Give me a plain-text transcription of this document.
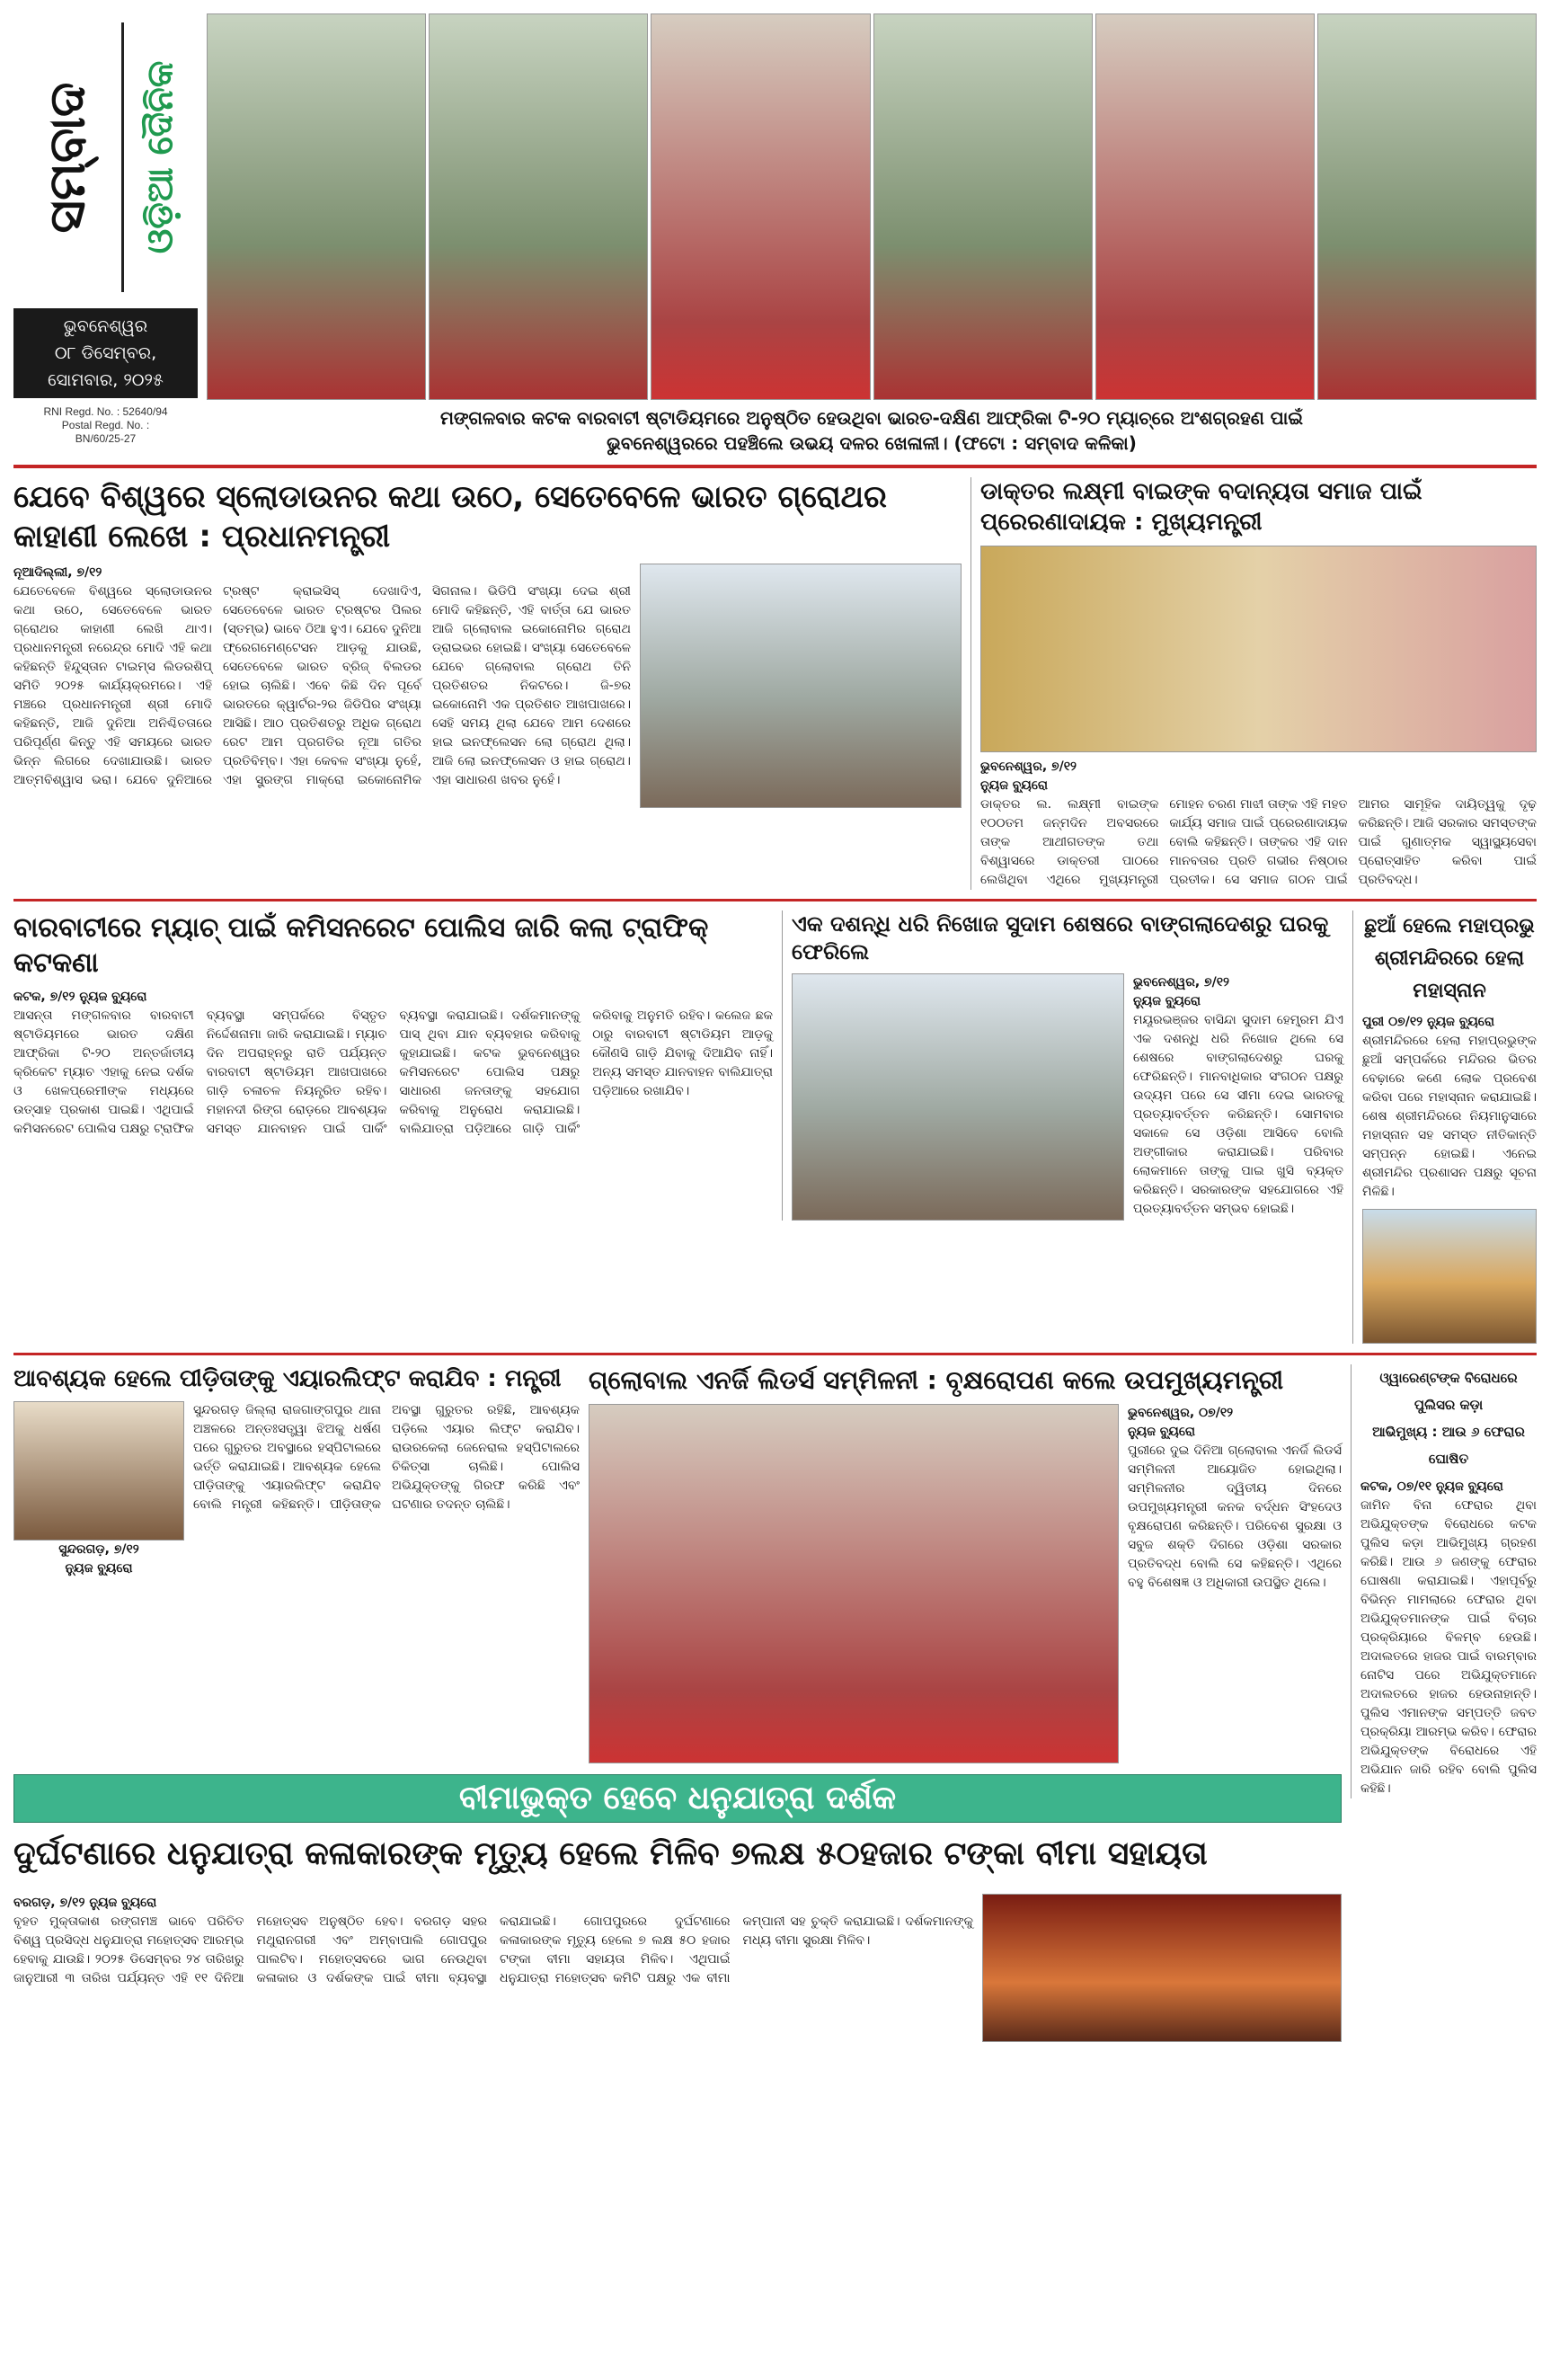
ସମ୍ବାଦ ଓଡ଼ିଆ ଦୈନିକ
ଭୁବନେଶ୍ୱର
୦୮ ଡିସେମ୍ବର,
ସୋମବାର, ୨୦୨୫
RNI Regd. No. : 52640/94
Postal Regd. No. :
BN/60/25-27
ମଙ୍ଗଳବାର କଟକ ବାରବାଟୀ ଷ୍ଟାଡିୟମରେ ଅନୁଷ୍ଠିତ ହେଉଥିବା ଭାରତ-ଦକ୍ଷିଣ ଆଫ୍ରିକା ଟି-୨୦ ମ୍ୟାଚ୍‌ରେ ଅଂଶଗ୍ରହଣ ପାଇଁ
ଭୁବନେଶ୍ୱରରେ ପହଞ୍ଚିଲେ ଉଭୟ ଦଳର ଖେଳାଳୀ। (ଫଟୋ : ସମ୍ବାଦ କଳିକା)
ଯେବେ ବିଶ୍ୱରେ ସ୍ଲୋଡାଉନର କଥା ଉଠେ, ସେତେବେଳେ ଭାରତ ଗ୍ରୋଥର କାହାଣୀ ଲେଖେ : ପ୍ରଧାନମନ୍ତ୍ରୀ
ନୂଆଦିଲ୍ଲୀ, ୭/୧୨
ଯେତେବେଳେ ବିଶ୍ୱରେ ସ୍ଲୋଡାଉନର କଥା ଉଠେ, ସେତେବେଳେ ଭାରତ ଗ୍ରୋଥର କାହାଣୀ ଲେଖି ଥାଏ। ପ୍ରଧାନମନ୍ତ୍ରୀ ନରେନ୍ଦ୍ର ମୋଦି ଏହି କଥା କହିଛନ୍ତି ହିନ୍ଦୁସ୍ତାନ ଟାଇମ୍ସ ଲିଡରଶିପ୍ ସମିତି ୨୦୨୫ କାର୍ଯ୍ୟକ୍ରମରେ। ଏହି ମଞ୍ଚରେ ପ୍ରଧାନମନ୍ତ୍ରୀ ଶ୍ରୀ ମୋଦି କହିଛନ୍ତି, ଆଜି ଦୁନିଆ ଅନିଶ୍ଚିତତାରେ ପରିପୂର୍ଣ୍ଣ କିନ୍ତୁ ଏହି ସମୟରେ ଭାରତ ଭିନ୍ନ ଲିଗରେ ଦେଖାଯାଉଛି। ଭାରତ ଆତ୍ମବିଶ୍ୱାସ ଭରା। ଯେବେ ଦୁନିଆରେ ଟ୍ରଷ୍ଟ କ୍ରାଇସିସ୍ ଦେଖାଦିଏ, ସେତେବେଳେ ଭାରତ ଟ୍ରଷ୍ଟର ପିଲର (ସ୍ତମ୍ଭ) ଭାବେ ଠିଆ ହୁଏ। ଯେବେ ଦୁନିଆ ଫ୍ରେଗମେଣ୍ଟେସନ ଆଡ଼କୁ ଯାଉଛି, ସେତେବେଳେ ଭାରତ ବ୍ରିଜ୍ ବିଲଡର ହୋଇ ଚାଲିଛି। ଏବେ କିଛି ଦିନ ପୂର୍ବେ ଭାରତରେ କ୍ୱାର୍ଟର-୨ର ଜିଡିପିର ସଂଖ୍ୟା ଆସିଛି। ଆଠ ପ୍ରତିଶତରୁ ଅଧିକ ଗ୍ରୋଥ ରେଟ ଆମ ପ୍ରଗତିର ନୂଆ ଗତିର ପ୍ରତିବିମ୍ବ। ଏହା କେବଳ ସଂଖ୍ୟା ନୁହେଁ, ଏହା ସ୍ଟ୍ରଙ୍ଗ ମାକ୍ରୋ ଇକୋନୋମିକ ସିଗନାଲ। ଭିଡିପି ସଂଖ୍ୟା ଦେଇ ଶ୍ରୀ ମୋଦି କହିଛନ୍ତି, ଏହି ବାର୍ତ୍ତା ଯେ ଭାରତ ଆଜି ଗ୍ଲୋବାଲ ଇକୋନୋମିର ଗ୍ରୋଥ ଡ୍ରାଇଭର ହୋଇଛି। ସଂଖ୍ୟା ସେତେବେଳେ ଯେବେ ଗ୍ଲୋବାଲ ଗ୍ରୋଥ ତିନି ପ୍ରତିଶତର ନିକଟରେ। ଜି-୭ର ଇକୋନୋମି ଏକ ପ୍ରତିଶତ ଆଖପାଖରେ। ସେହି ସମୟ ଥିଲା ଯେବେ ଆମ ଦେଶରେ ହାଇ ଇନଫ୍ଲେସନ ଲୋ ଗ୍ରୋଥ ଥିଲା। ଆଜି ଲୋ ଇନଫ୍ଲେସନ ଓ ହାଇ ଗ୍ରୋଥ। ଏହା ସାଧାରଣ ଖବର ନୁହେଁ।
ଡାକ୍ତର ଲକ୍ଷ୍ମୀ ବାଇଙ୍କ ବଦାନ୍ୟତା ସମାଜ ପାଇଁ ପ୍ରେରଣାଦାୟକ : ମୁଖ୍ୟମନ୍ତ୍ରୀ
ଭୁବନେଶ୍ୱର, ୭/୧୨
ନ୍ୟୁଜ ବ୍ୟୁରୋ
ଡାକ୍ତର ଲ. ଲକ୍ଷ୍ମୀ ବାଇଙ୍କ ୧୦୦ତମ ଜନ୍ମଦିନ ଅବସରରେ ତାଙ୍କ ଆଥୀଗତଙ୍କ ତଥା ବିଶ୍ୱାସରେ ଡାକ୍ତରୀ ପାଠରେ ଲେଖିଥିବା ଏଥିରେ ମୁଖ୍ୟମନ୍ତ୍ରୀ ମୋହନ ଚରଣ ମାଝୀ ତାଙ୍କ ଏହି ମହତ କାର୍ଯ୍ୟ ସମାଜ ପାଇଁ ପ୍ରେରଣାଦାୟକ ବୋଲି କହିଛନ୍ତି। ତାଙ୍କର ଏହି ଦାନ ମାନବତାର ପ୍ରତି ଗଭୀର ନିଷ୍ଠାର ପ୍ରତୀକ। ସେ ସମାଜ ଗଠନ ପାଇଁ ଆମର ସାମୂହିକ ଦାୟିତ୍ୱକୁ ଦୃଢ଼ କରିଛନ୍ତି। ଆଜି ସରକାର ସମସ୍ତଙ୍କ ପାଇଁ ଗୁଣାତ୍ମକ ସ୍ୱାସ୍ଥ୍ୟସେବା ପ୍ରୋତ୍ସାହିତ କରିବା ପାଇଁ ପ୍ରତିବଦ୍ଧ।
ବାରବାଟୀରେ ମ୍ୟାଚ୍ ପାଇଁ କମିସନରେଟ ପୋଲିସ ଜାରି କଲା ଟ୍ରାଫିକ୍ କଟକଣା
କଟକ, ୭/୧୨ ନ୍ୟୁଜ ବ୍ୟୁରୋ
ଆସନ୍ତା ମଙ୍ଗଳବାର ବାରବାଟୀ ଷ୍ଟାଡିୟମରେ ଭାରତ ଦକ୍ଷିଣ ଆଫ୍ରିକା ଟି-୨୦ ଅନ୍ତର୍ଜାତୀୟ କ୍ରିକେଟ ମ୍ୟାଚ ଏହାକୁ ନେଇ ଦର୍ଶକ ଓ ଖେଳପ୍ରେମୀଙ୍କ ମଧ୍ୟରେ ଉତ୍ସାହ ପ୍ରକାଶ ପାଇଛି। ଏଥିପାଇଁ କମିସନରେଟ ପୋଲିସ ପକ୍ଷରୁ ଟ୍ରାଫିକ ବ୍ୟବସ୍ଥା ସମ୍ପର୍କରେ ବିସ୍ତୃତ ନିର୍ଦ୍ଦେଶନାମା ଜାରି କରାଯାଇଛି। ମ୍ୟାଚ ଦିନ ଅପରାହ୍ନରୁ ରାତି ପର୍ଯ୍ୟନ୍ତ ବାରବାଟୀ ଷ୍ଟାଡିୟମ ଆଖପାଖରେ ଗାଡ଼ି ଚଳାଚଳ ନିୟନ୍ତ୍ରିତ ରହିବ। ମହାନଦୀ ରିଙ୍ଗ ରୋଡ଼ରେ ଆବଶ୍ୟକ ସମସ୍ତ ଯାନବାହନ ପାଇଁ ପାର୍କିଂ ବ୍ୟବସ୍ଥା କରାଯାଇଛି। ଦର୍ଶକମାନଙ୍କୁ ପାସ୍ ଥିବା ଯାନ ବ୍ୟବହାର କରିବାକୁ କୁହାଯାଇଛି। କଟକ ଭୁବନେଶ୍ୱର କମିସନରେଟ ପୋଲିସ ପକ୍ଷରୁ ସାଧାରଣ ଜନତାଙ୍କୁ ସହଯୋଗ କରିବାକୁ ଅନୁରୋଧ କରାଯାଇଛି। ବାଲିଯାତ୍ରା ପଡ଼ିଆରେ ଗାଡ଼ି ପାର୍କିଂ କରିବାକୁ ଅନୁମତି ରହିବ। କଲେଜ ଛକ ଠାରୁ ବାରବାଟୀ ଷ୍ଟାଡିୟମ ଆଡ଼କୁ କୌଣସି ଗାଡ଼ି ଯିବାକୁ ଦିଆଯିବ ନାହିଁ। ଅନ୍ୟ ସମସ୍ତ ଯାନବାହନ ବାଲିଯାତ୍ରା ପଡ଼ିଆରେ ରଖାଯିବ।
ଏକ ଦଶନ୍ଧି ଧରି ନିଖୋଜ ସୁଦାମ ଶେଷରେ ବାଙ୍ଗଲାଦେଶରୁ ଘରକୁ ଫେରିଲେ
ଭୁବନେଶ୍ୱର, ୭/୧୨
ନ୍ୟୁଜ ବ୍ୟୁରୋ
ମୟୂରଭଞ୍ଜର ବାସିନ୍ଦା ସୁଦାମ ହେମ୍ବ୍ରମ ଯିଏ ଏକ ଦଶନ୍ଧି ଧରି ନିଖୋଜ ଥିଲେ ସେ ଶେଷରେ ବାଙ୍ଗଲାଦେଶରୁ ଘରକୁ ଫେରିଛନ୍ତି। ମାନବାଧିକାର ସଂଗଠନ ପକ୍ଷରୁ ଉଦ୍ୟମ ପରେ ସେ ସୀମା ଦେଇ ଭାରତକୁ ପ୍ରତ୍ୟାବର୍ତ୍ତନ କରିଛନ୍ତି। ସୋମବାର ସକାଳେ ସେ ଓଡ଼ିଶା ଆସିବେ ବୋଲି ଅଙ୍ଗୀକାର କରାଯାଇଛି। ପରିବାର ଲୋକମାନେ ତାଙ୍କୁ ପାଇ ଖୁସି ବ୍ୟକ୍ତ କରିଛନ୍ତି। ସରକାରଙ୍କ ସହଯୋଗରେ ଏହି ପ୍ରତ୍ୟାବର୍ତ୍ତନ ସମ୍ଭବ ହୋଇଛି।
ଛୁଆଁ ହେଲେ ମହାପ୍ରଭୁ
ଶ୍ରୀମନ୍ଦିରରେ ହେଲା
ମହାସ୍ନାନ
ପୁରୀ ୦୭/୧୨ ନ୍ୟୁଜ ବ୍ୟୁରୋ
ଶ୍ରୀମନ୍ଦିରରେ ହେଲା ମହାପ୍ରଭୁଙ୍କ ଛୁଆଁ ସମ୍ପର୍କରେ ମନ୍ଦିରର ଭିତର ବେଢ଼ାରେ କଣେ ଲୋକ ପ୍ରବେଶ କରିବା ପରେ ମହାସ୍ନାନ କରାଯାଇଛି। ଶେଷ ଶ୍ରୀମନ୍ଦିରରେ ନିୟମାନୁସାରେ ମହାସ୍ନାନ ସହ ସମସ୍ତ ନୀତିକାନ୍ତି ସମ୍ପନ୍ନ ହୋଇଛି। ଏନେଇ ଶ୍ରୀମନ୍ଦିର ପ୍ରଶାସନ ପକ୍ଷରୁ ସୂଚନା ମିଳିଛି।
ଆବଶ୍ୟକ ହେଲେ ପୀଡ଼ିତାଙ୍କୁ ଏୟାରଲିଫ୍ଟ କରାଯିବ : ମନ୍ତ୍ରୀ
ସୁନ୍ଦରଗଡ଼, ୭/୧୨
ନ୍ୟୁଜ ବ୍ୟୁରୋ
ସୁନ୍ଦରଗଡ଼ ଜିଲ୍ଲା ରାଜଗାଙ୍ଗପୁର ଥାନା ଅଞ୍ଚଳରେ ଅନ୍ତଃସତ୍ତ୍ୱା ଝିଅକୁ ଧର୍ଷଣ ପରେ ଗୁରୁତର ଅବସ୍ଥାରେ ହସ୍ପିଟାଲରେ ଭର୍ତ୍ତି କରାଯାଇଛି। ଆବଶ୍ୟକ ହେଲେ ପୀଡ଼ିତାଙ୍କୁ ଏୟାରଲିଫ୍ଟ କରାଯିବ ବୋଲି ମନ୍ତ୍ରୀ କହିଛନ୍ତି। ପୀଡ଼ିତାଙ୍କ ଅବସ୍ଥା ଗୁରୁତର ରହିଛି, ଆବଶ୍ୟକ ପଡ଼ିଲେ ଏୟାର ଲିଫ୍ଟ କରାଯିବ। ରାଉରକେଲା ଜେନେରାଲ ହସ୍ପିଟାଲରେ ଚିକିତ୍ସା ଚାଲିଛି। ପୋଲିସ ଅଭିଯୁକ୍ତଙ୍କୁ ଗିରଫ କରିଛି ଏବଂ ଘଟଣାର ତଦନ୍ତ ଚାଲିଛି।
ଗ୍ଲୋବାଲ ଏନର୍ଜି ଲିଡର୍ସ ସମ୍ମିଳନୀ : ବୃକ୍ଷରୋପଣ କଲେ ଉପମୁଖ୍ୟମନ୍ତ୍ରୀ
ଭୁବନେଶ୍ୱର, ୦୭/୧୨
ନ୍ୟୁଜ ବ୍ୟୁରୋ
ପୁରୀରେ ଦୁଇ ଦିନିଆ ଗ୍ଲୋବାଲ ଏନର୍ଜି ଲିଡର୍ସ ସମ୍ମିଳନୀ ଆୟୋଜିତ ହୋଇଥିଲା। ସମ୍ମିଳନୀର ଦ୍ୱିତୀୟ ଦିନରେ ଉପମୁଖ୍ୟମନ୍ତ୍ରୀ କନକ ବର୍ଦ୍ଧନ ସିଂହଦେଓ ବୃକ୍ଷରୋପଣ କରିଛନ୍ତି। ପରିବେଶ ସୁରକ୍ଷା ଓ ସବୁଜ ଶକ୍ତି ଦିଗରେ ଓଡ଼ିଶା ସରକାର ପ୍ରତିବଦ୍ଧ ବୋଲି ସେ କହିଛନ୍ତି। ଏଥିରେ ବହୁ ବିଶେଷଜ୍ଞ ଓ ଅଧିକାରୀ ଉପସ୍ଥିତ ଥିଲେ।
ବୀମାଭୁକ୍ତ ହେବେ ଧନୁଯାତ୍ରା ଦର୍ଶକ
ଦୁର୍ଘଟଣାରେ ଧନୁଯାତ୍ରା କଳାକାରଙ୍କ ମୃତ୍ୟୁ ହେଲେ ମିଳିବ ୭ଲକ୍ଷ ୫୦ହଜାର ଟଙ୍କା ବୀମା ସହାୟତା
ବରଗଡ଼, ୭/୧୨ ନ୍ୟୁଜ ବ୍ୟୁରୋ
ବୃହତ ମୁକ୍ତାକାଶ ରଙ୍ଗମଞ୍ଚ ଭାବେ ପରିଚିତ ବିଶ୍ୱ ପ୍ରସିଦ୍ଧ ଧନୁଯାତ୍ରା ମହୋତ୍ସବ ଆରମ୍ଭ ହେବାକୁ ଯାଉଛି। ୨୦୨୫ ଡିସେମ୍ବର ୨୪ ତାରିଖରୁ ଜାନୁଆରୀ ୩ ତାରିଖ ପର୍ଯ୍ୟନ୍ତ ଏହି ୧୧ ଦିନିଆ ମହୋତ୍ସବ ଅନୁଷ୍ଠିତ ହେବ। ବରଗଡ଼ ସହର ମଥୁରାନଗରୀ ଏବଂ ଅମ୍ବାପାଲି ଗୋପପୁର ପାଲଟିବ। ମହୋତ୍ସବରେ ଭାଗ ନେଉଥିବା କଳାକାର ଓ ଦର୍ଶକଙ୍କ ପାଇଁ ବୀମା ବ୍ୟବସ୍ଥା କରାଯାଇଛି। ଗୋପପୁରରେ ଦୁର୍ଘଟଣାରେ କଳାକାରଙ୍କ ମୃତ୍ୟୁ ହେଲେ ୭ ଲକ୍ଷ ୫୦ ହଜାର ଟଙ୍କା ବୀମା ସହାୟତା ମିଳିବ। ଏଥିପାଇଁ ଧନୁଯାତ୍ରା ମହୋତ୍ସବ କମିଟି ପକ୍ଷରୁ ଏକ ବୀମା କମ୍ପାନୀ ସହ ଚୁକ୍ତି କରାଯାଇଛି। ଦର୍ଶକମାନଙ୍କୁ ମଧ୍ୟ ବୀମା ସୁରକ୍ଷା ମିଳିବ।
ଓ୍ୱାରେଣ୍ଟଙ୍କ ବିରୋଧରେ ପୁଲିସର କଡ଼ା
ଆଭିମୁଖ୍ୟ : ଆଉ ୬ ଫେରାର ଘୋଷିତ
କଟକ, ୦୭/୧୧ ନ୍ୟୁଜ ବ୍ୟୁରୋ
ଜାମିନ ବିନା ଫେରାର ଥିବା ଅଭିଯୁକ୍ତଙ୍କ ବିରୋଧରେ କଟକ ପୁଲିସ କଡ଼ା ଆଭିମୁଖ୍ୟ ଗ୍ରହଣ କରିଛି। ଆଉ ୬ ଜଣଙ୍କୁ ଫେରାର ଘୋଷଣା କରାଯାଇଛି। ଏହାପୂର୍ବରୁ ବିଭିନ୍ନ ମାମଲାରେ ଫେରାର ଥିବା ଅଭିଯୁକ୍ତମାନଙ୍କ ପାଇଁ ବିଚାର ପ୍ରକ୍ରିୟାରେ ବିଳମ୍ବ ହେଉଛି। ଅଦାଲତରେ ହାଜର ପାଇଁ ବାରମ୍ବାର ନୋଟିସ ପରେ ଅଭିଯୁକ୍ତମାନେ ଅଦାଲତରେ ହାଜର ହେଉନାହାନ୍ତି। ପୁଲିସ ଏମାନଙ୍କ ସମ୍ପତ୍ତି ଜବତ ପ୍ରକ୍ରିୟା ଆରମ୍ଭ କରିବ। ଫେରାର ଅଭିଯୁକ୍ତଙ୍କ ବିରୋଧରେ ଏହି ଅଭିଯାନ ଜାରି ରହିବ ବୋଲି ପୁଲିସ କହିଛି।
